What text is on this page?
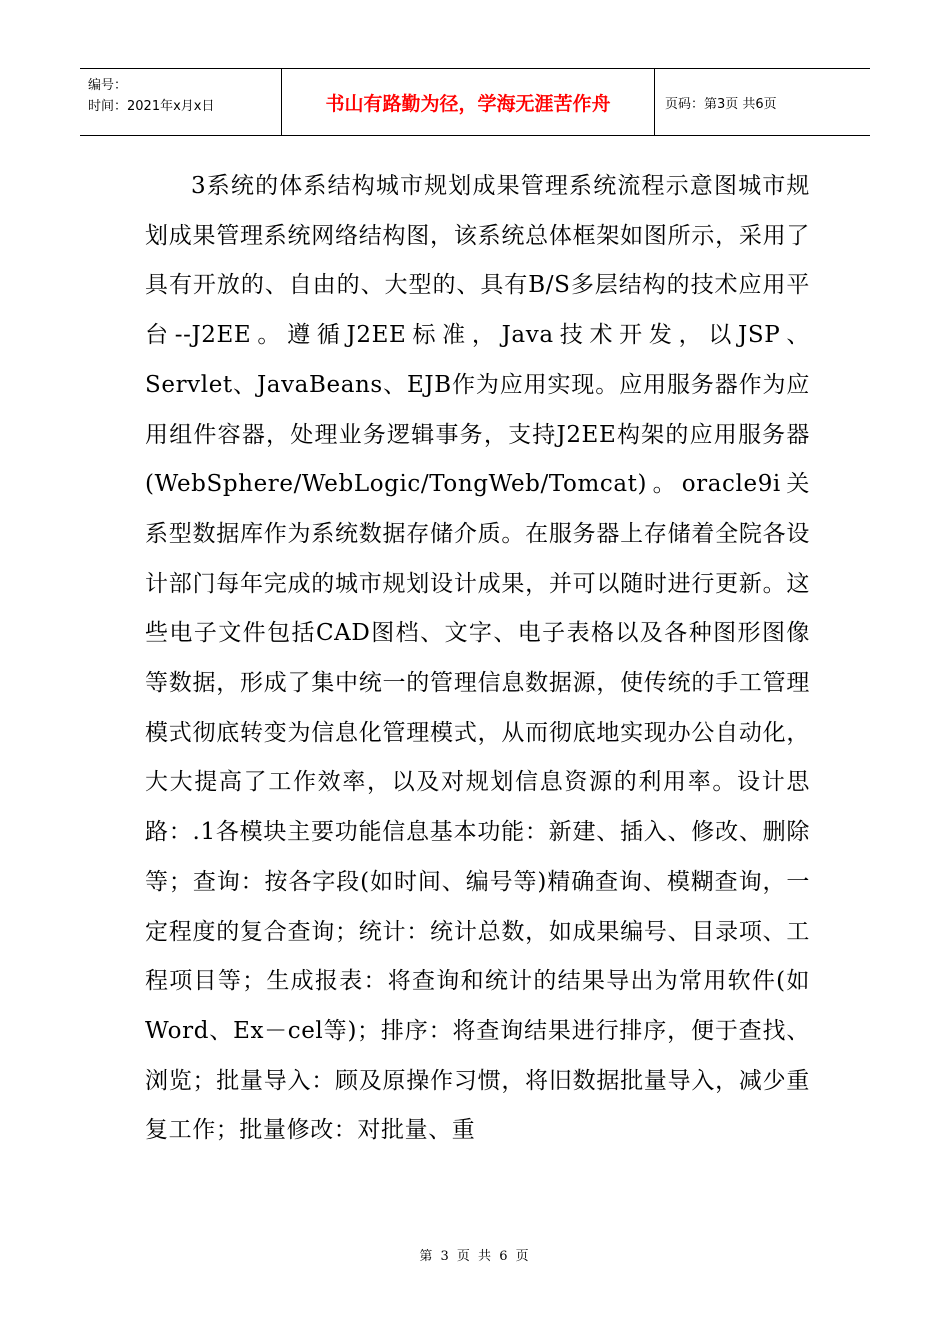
编号：
时间：2021年x月x日	书山有路勤为径，学海无涯苦作舟	页码：第3页 共6页

3系统的体系结构城市规划成果管理系统流程示意图城市规划成果管理系统网络结构图，该系统总体框架如图所示，采用了具有开放的、自由的、大型的、具有B/S多层结构的技术应用平台--J2EE。遵循J2EE标准，Java技术开发，以JSP、Servlet、JavaBeans、EJB作为应用实现。应用服务器作为应用组件容器，处理业务逻辑事务，支持J2EE构架的应用服务器(WebSphere/WebLogic/TongWeb/Tomcat)。oracle9i关系型数据库作为系统数据存储介质。在服务器上存储着全院各设计部门每年完成的城市规划设计成果，并可以随时进行更新。这些电子文件包括CAD图档、文字、电子表格以及各种图形图像等数据，形成了集中统一的管理信息数据源，使传统的手工管理模式彻底转变为信息化管理模式，从而彻底地实现办公自动化，大大提高了工作效率，以及对规划信息资源的利用率。设计思路：.1各模块主要功能信息基本功能：新建、插入、修改、删除等；查询：按各字段(如时间、编号等)精确查询、模糊查询，一定程度的复合查询；统计：统计总数，如成果编号、目录项、工程项目等；生成报表：将查询和统计的结果导出为常用软件(如Word、Ex－cel等)；排序：将查询结果进行排序，便于查找、浏览；批量导入：顾及原操作习惯，将旧数据批量导入，减少重复工作；批量修改：对批量、重

第 3 页 共 6 页
